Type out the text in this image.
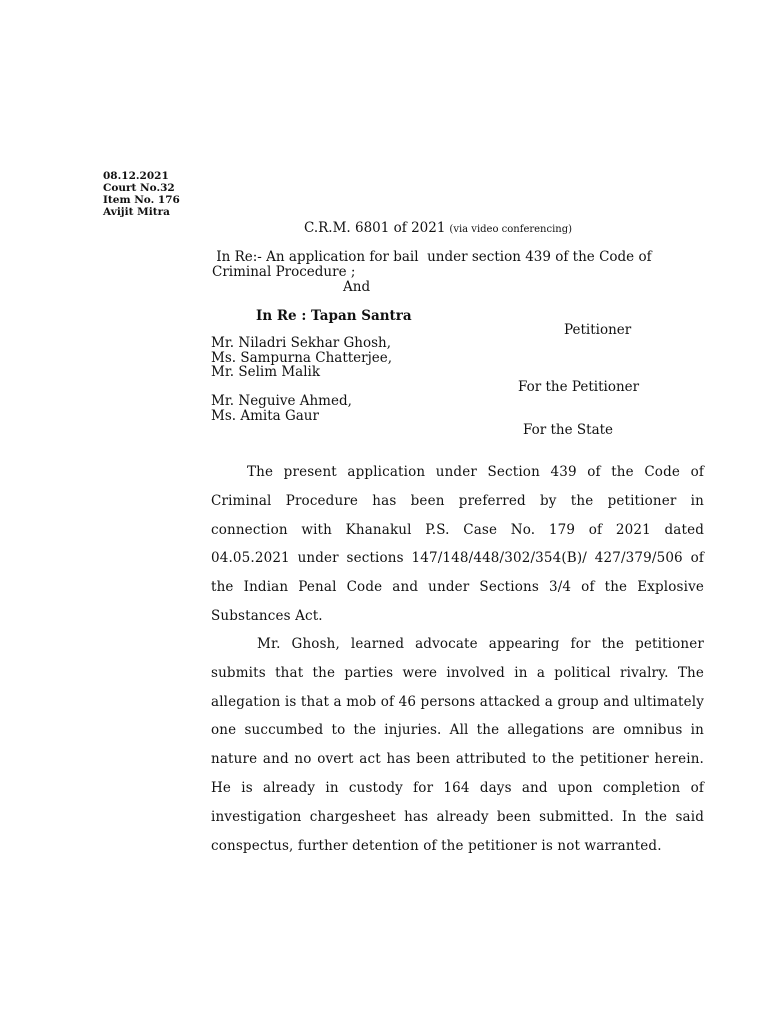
08.12.2021
Court No.32
Item No. 176
Avijit Mitra
C.R.M. 6801 of 2021 (via video conferencing)
In Re:- An application for bail  under section 439 of the Code of
Criminal Procedure ;
And
In Re : Tapan Santra
Petitioner
Mr. Niladri Sekhar Ghosh,
Ms. Sampurna Chatterjee,
Mr. Selim Malik
For the Petitioner
Mr. Neguive Ahmed,
Ms. Amita Gaur
For the State

The present application under Section 439 of the Code of Criminal Procedure has been preferred by the petitioner in connection with Khanakul P.S. Case No. 179 of 2021 dated 04.05.2021 under sections 147/148/448/302/354(B)/ 427/379/506 of the Indian Penal Code and under Sections 3/4 of the Explosive Substances Act.

Mr. Ghosh, learned advocate appearing for the petitioner submits that the parties were involved in a political rivalry. The allegation is that a mob of 46 persons attacked a group and ultimately one succumbed to the injuries. All the allegations are omnibus in nature and no overt act has been attributed to the petitioner herein. He is already in custody for 164 days and upon completion of investigation chargesheet has already been submitted. In the said conspectus, further detention of the petitioner is not warranted.
